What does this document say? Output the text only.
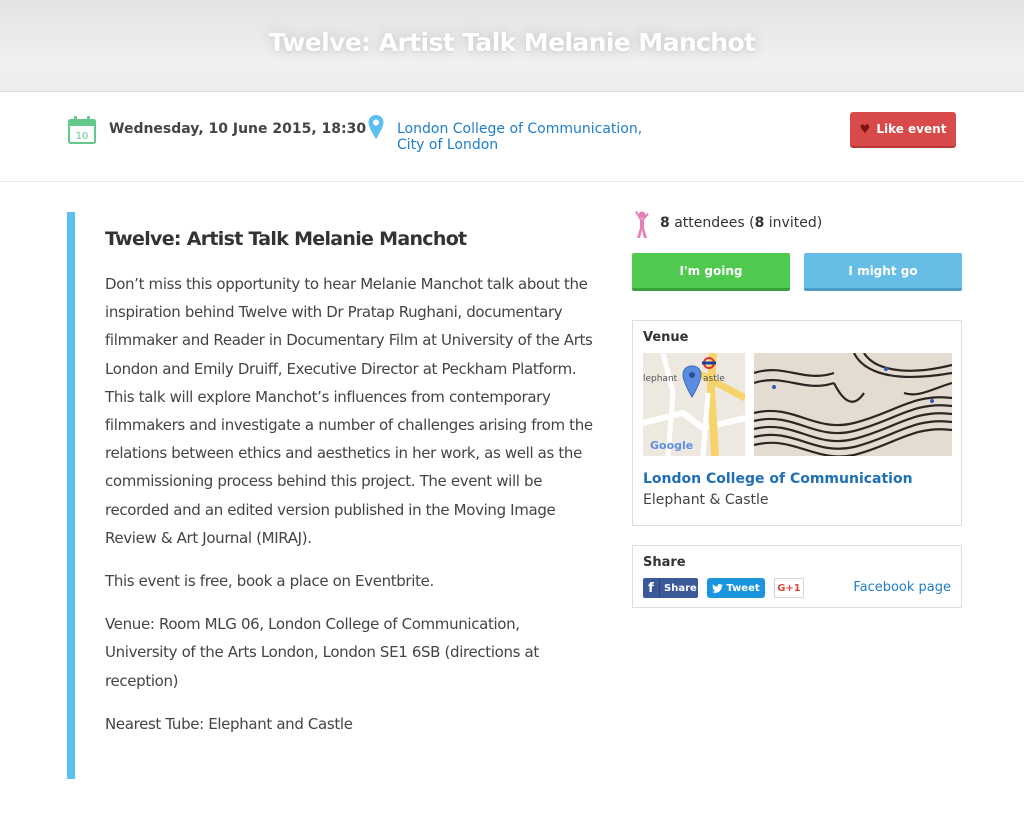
Twelve: Artist Talk Melanie Manchot
10 Wednesday, 10 June 2015, 18:30 London College of Communication,
City of London
♥ Like event
Twelve: Artist Talk Melanie Manchot

Don’t miss this opportunity to hear Melanie Manchot talk about the inspiration behind Twelve with Dr Pratap Rughani, documentary filmmaker and Reader in Documentary Film at University of the Arts London and Emily Druiff, Executive Director at Peckham Platform. This talk will explore Manchot’s influences from contemporary filmmakers and investigate a number of challenges arising from the relations between ethics and aesthetics in her work, as well as the commissioning process behind this project. The event will be recorded and an edited version published in the Moving Image Review & Art Journal (MIRAJ).

This event is free, book a place on Eventbrite.

Venue: Room MLG 06, London College of Communication, University of the Arts London, London SE1 6SB (directions at reception)

Nearest Tube: Elephant and Castle

8 attendees (8 invited)
I'm going	I might go
Venue
lephant	astle
Google
London College of Communication
Elephant & Castle
Share
f	Share	Tweet	G+1	Facebook page
